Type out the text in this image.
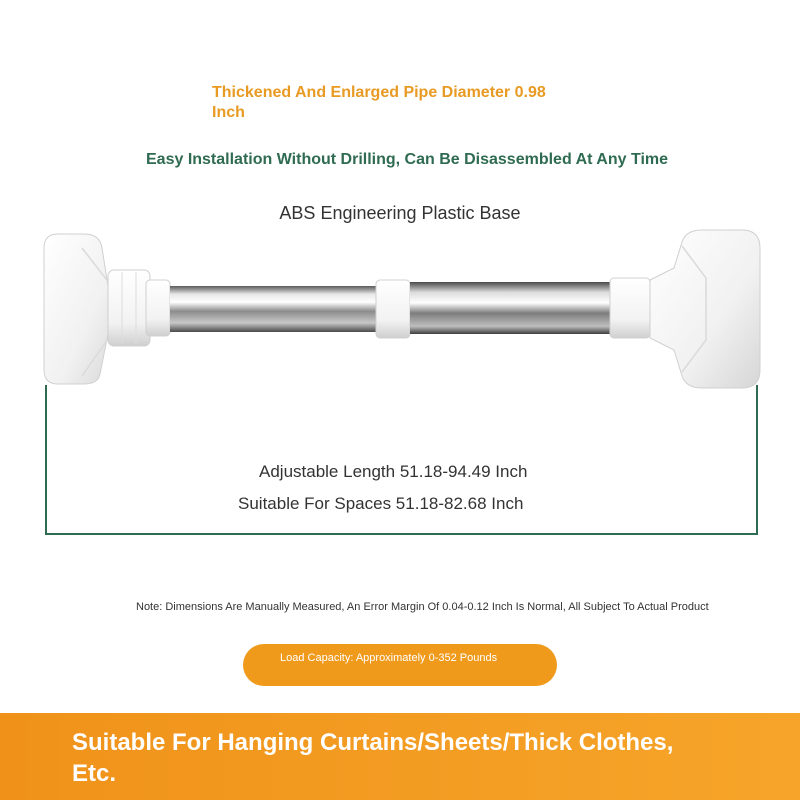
Thickened And Enlarged Pipe Diameter 0.98 Inch
Easy Installation Without Drilling, Can Be Disassembled At Any Time
ABS Engineering Plastic Base
Adjustable Length 51.18-94.49 Inch
Suitable For Spaces 51.18-82.68 Inch
Note: Dimensions Are Manually Measured, An Error Margin Of 0.04-0.12 Inch Is Normal, All Subject To Actual Product
Load Capacity: Approximately 0-352 Pounds
Suitable For Hanging Curtains/Sheets/Thick Clothes, Etc.
